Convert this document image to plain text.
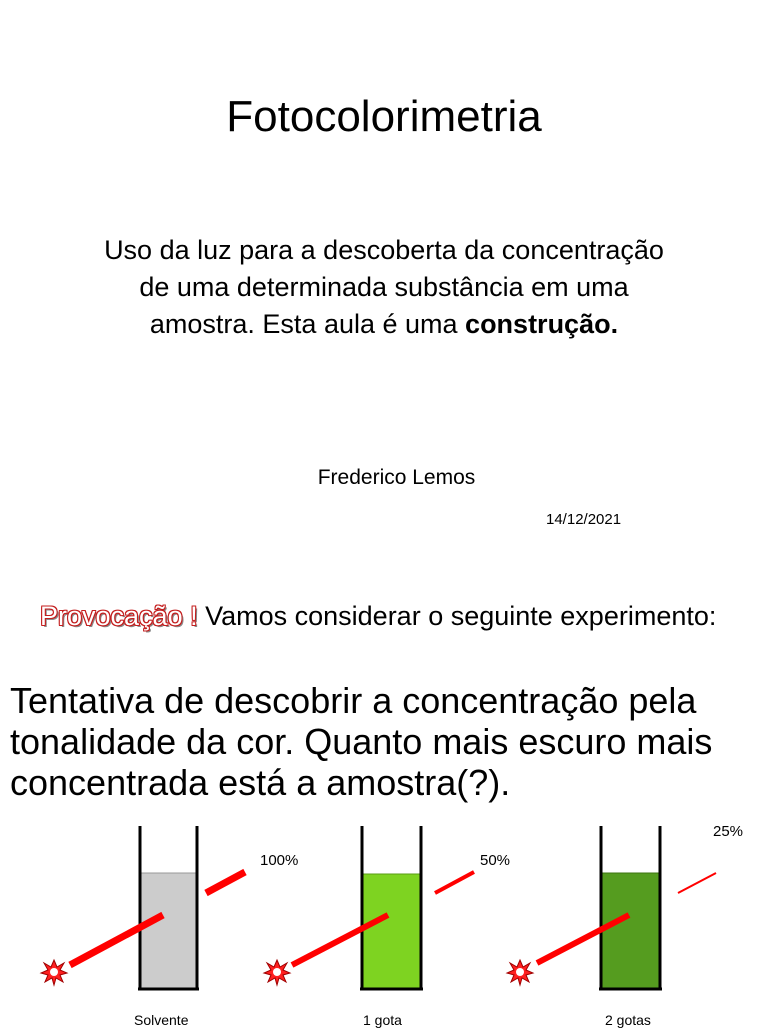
Fotocolorimetria
Uso da luz para a descoberta da concentração
de uma determinada substância em uma
amostra. Esta aula é uma construção.
Frederico Lemos
14/12/2021
Provocação ! Vamos considerar o seguinte experimento:
Tentativa de descobrir a concentração pela tonalidade da cor. Quanto mais escuro mais concentrada está a amostra(?).
100%	50%
25%
Solvente	1 gota	2 gotas
